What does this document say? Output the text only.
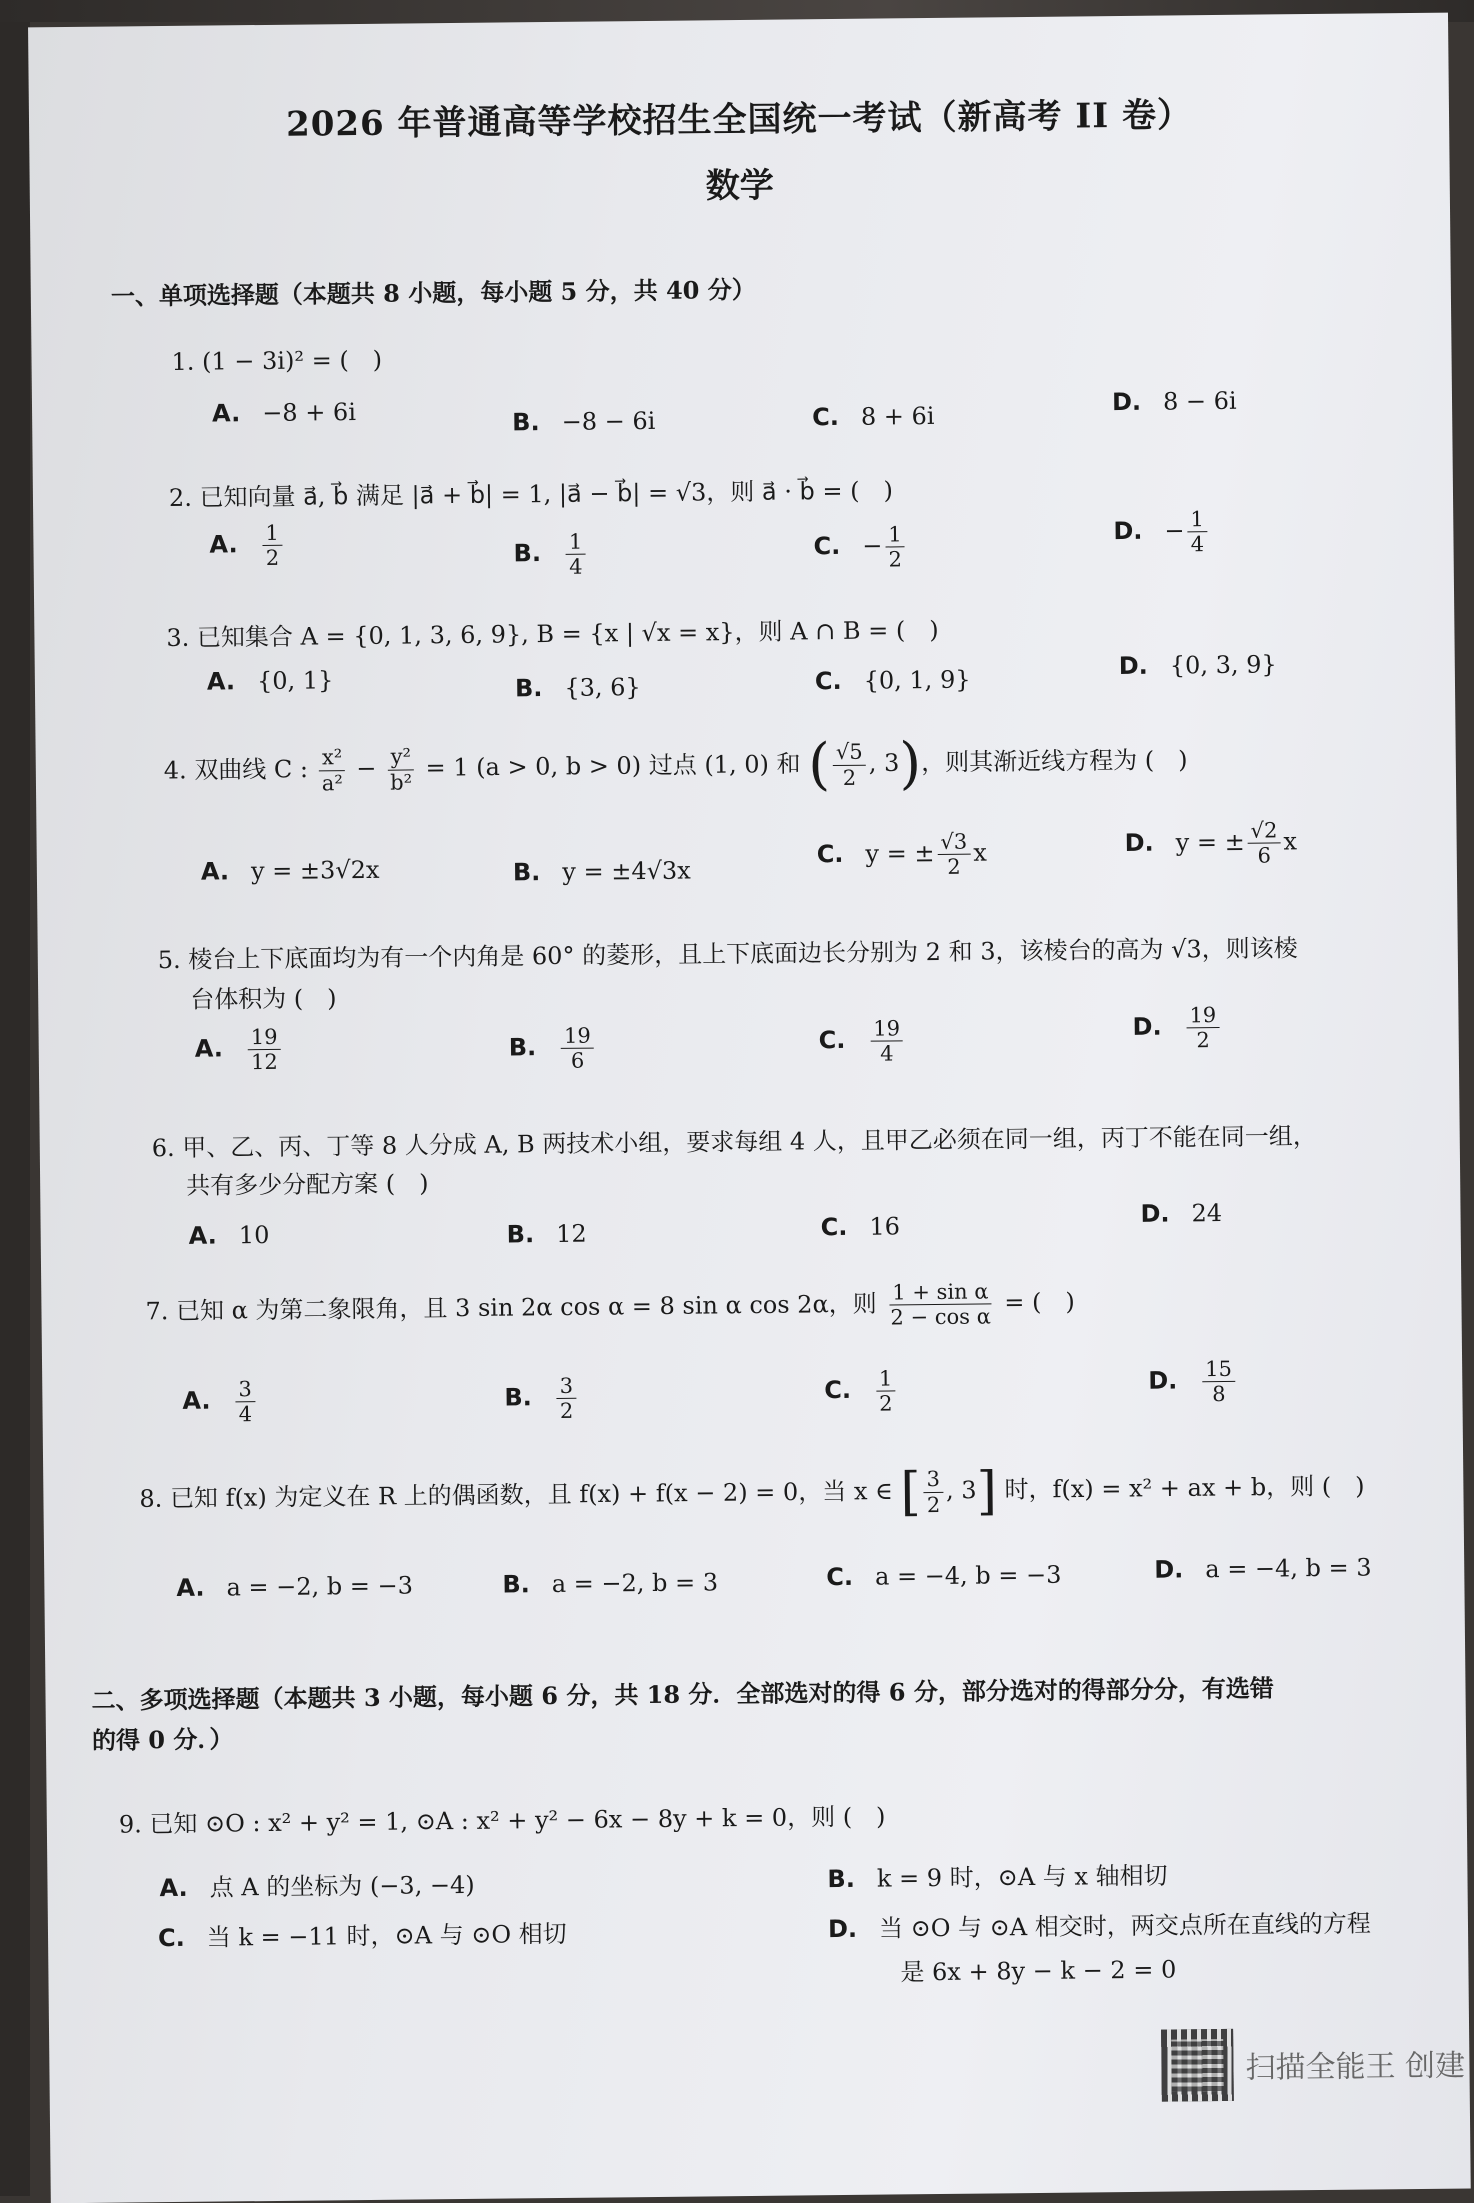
2026 年普通高等学校招生全国统一考试（新高考 II 卷）
数学
一、单项选择题（本题共 8 小题，每小题 5 分，共 40 分）
1. (1 − 3i)² = (　)
A. −8 + 6i	B. −8 − 6i	C. 8 + 6i
D. 8 − 6i
2. 已知向量 a⃗, b⃗ 满足 |a⃗ + b⃗| = 1, |a⃗ − b⃗| = √3，则 a⃗ · b⃗ = (　)
A. $\frac{1}{2}$	B. $\frac{1}{4}$	C. − $\frac{1}{2}$	D. − $\frac{1}{4}$
3. 已知集合 A = {0, 1, 3, 6, 9}, B = {x | √x = x}，则 A ∩ B = (　)
A. {0, 1}	B. {3, 6}	C. {0, 1, 9}	D. {0, 3, 9}
4. 双曲线 C : $\frac{\text{x²}}{\text{a²}} - \frac{\text{y²}}{\text{b²}} = 1$ (a > 0, b > 0) 过点 (1, 0) 和 ( $\frac{√5}{2}$ , 3)，则其渐近线方程为 (　)
A. y = ±3√2x	B. y = ±4√3x
C. y = ± $\frac{√3}{2}$ x	D. y = ± $\frac{√2}{6}$ x
5. 棱台上下底面均为有一个内角是 60° 的菱形，且上下底面边长分别为 2 和 3，该棱台的高为 √3，则该棱
台体积为 (　)
A. $\frac{19}{12}$	B. $\frac{19}{6}$	C. $\frac{19}{4}$	D. $\frac{19}{2}$
6. 甲、乙、丙、丁等 8 人分成 A, B 两技术小组，要求每组 4 人，且甲乙必须在同一组，丙丁不能在同一组，
共有多少分配方案 (　)
A. 10	B. 12	C. 16	D. 24
7. 已知 α 为第二象限角，且 3 sin 2α cos α = 8 sin α cos 2α，则 $\frac{\text{1 + sin α}}{\text{2 − cos α}}$ = (　)
A. $\frac{3}{4}$	B. $\frac{3}{2}$	C. $\frac{1}{2}$	D. $\frac{15}{8}$
8. 已知 f(x) 为定义在 R 上的偶函数，且 f(x) + f(x − 2) = 0，当 x ∈ [ $\frac{3}{2}$ , 3] 时，f(x) = x² + ax + b，则 (　)
A. a = −2, b = −3	B. a = −2, b = 3	C. a = −4, b = −3	D. a = −4, b = 3
二、多项选择题（本题共 3 小题，每小题 6 分，共 18 分．全部选对的得 6 分，部分选对的得部分分，有选错
的得 0 分．）
9. 已知 ⊙O : x² + y² = 1, ⊙A : x² + y² − 6x − 8y + k = 0，则 (　)
A. 点 A 的坐标为 (−3, −4)	B. k = 9 时，⊙A 与 x 轴相切
C. 当 k = −11 时，⊙A 与 ⊙O 相切	D. 当 ⊙O 与 ⊙A 相交时，两交点所在直线的方程
是 6x + 8y − k − 2 = 0
扫描全能王 创建
